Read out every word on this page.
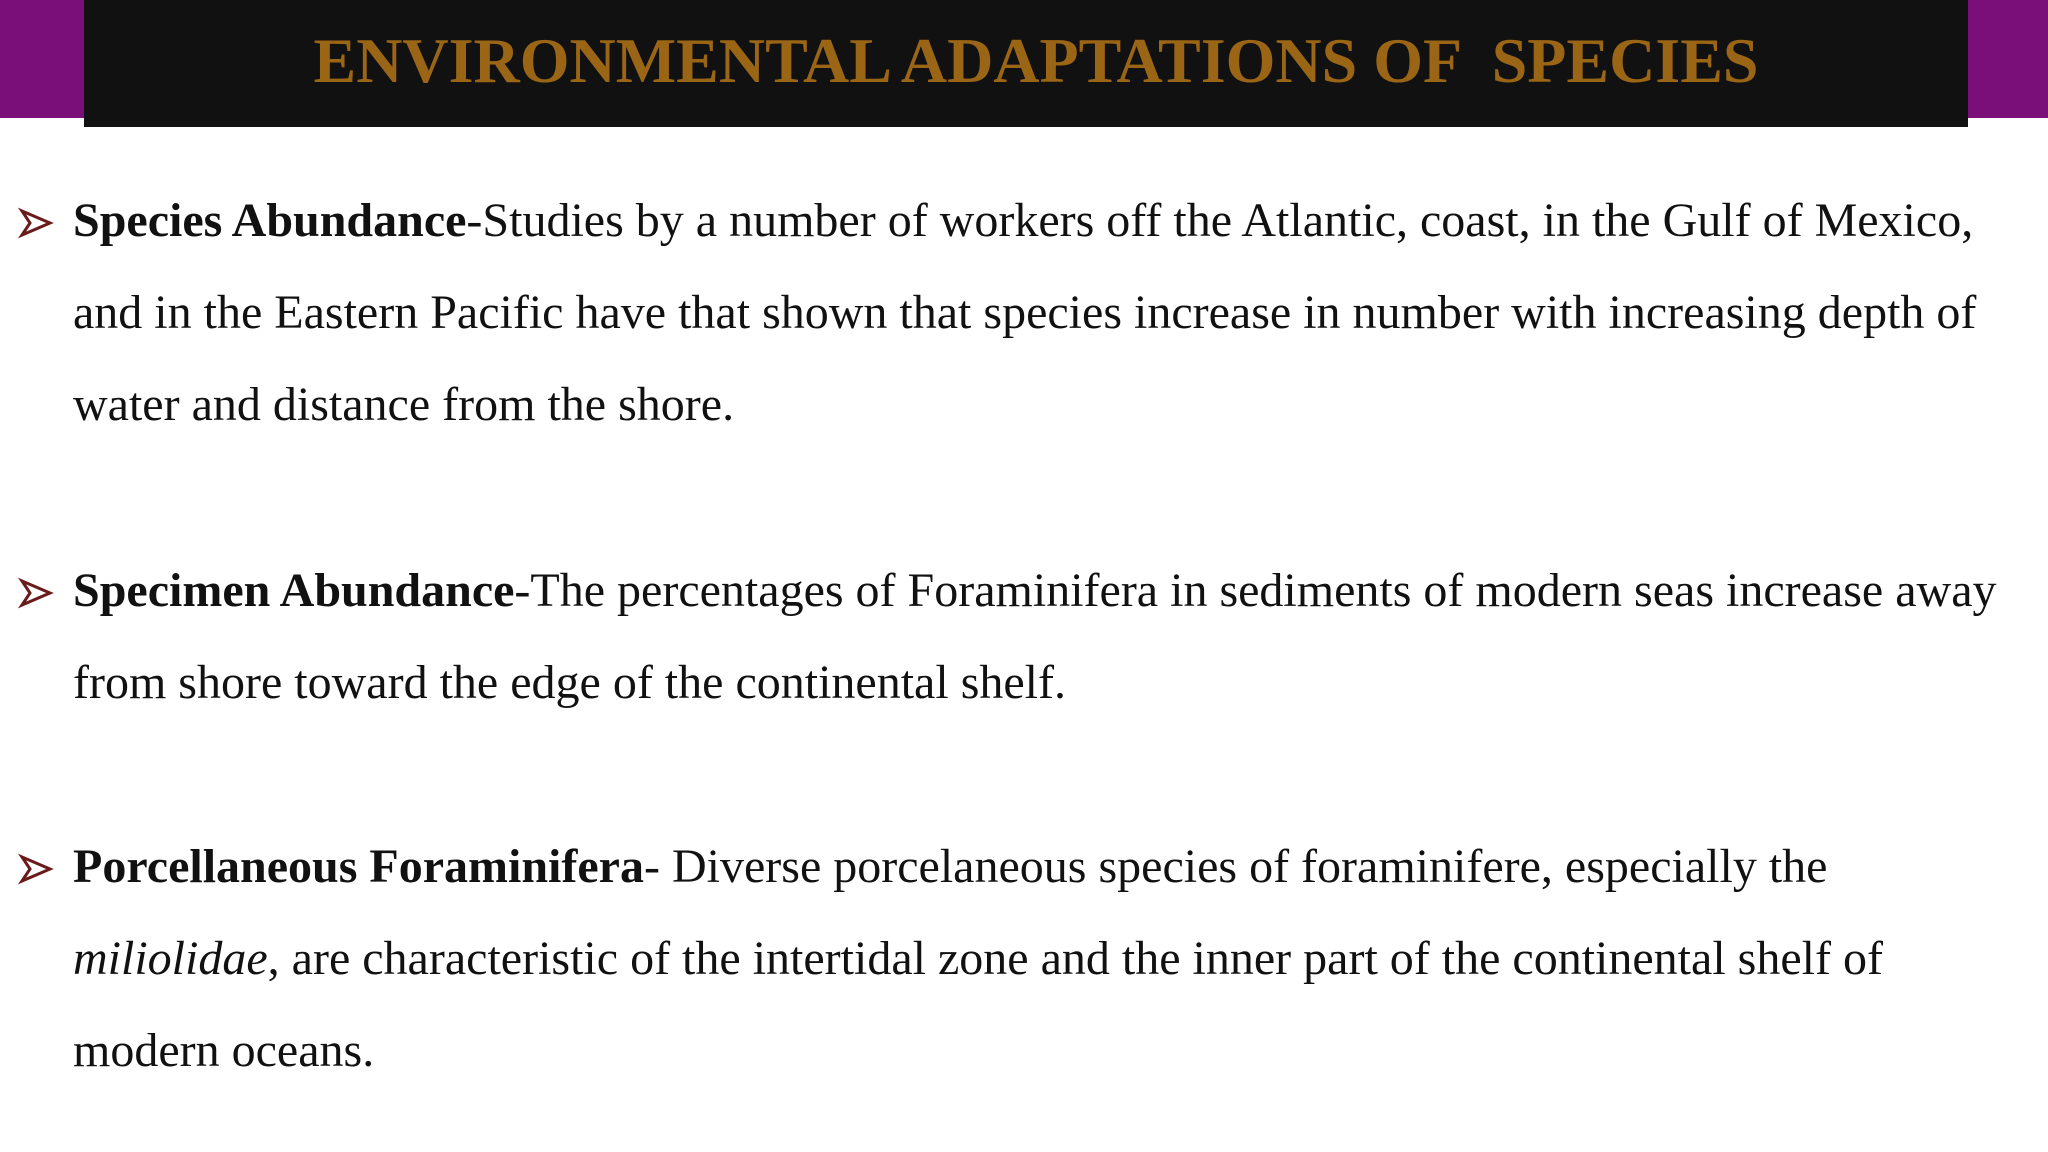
ENVIRONMENTAL ADAPTATIONS OF  SPECIES
Species Abundance-Studies by a number of workers off the Atlantic, coast, in the Gulf of Mexico, and in the Eastern Pacific have that shown that species increase in number with increasing depth of water and distance from the shore.
Specimen Abundance-The percentages of Foraminifera in sediments of modern seas increase away from shore toward the edge of the continental shelf.
Porcellaneous Foraminifera- Diverse porcelaneous species of foraminifere, especially the miliolidae, are characteristic of the intertidal zone and the inner part of the continental shelf of modern oceans.
